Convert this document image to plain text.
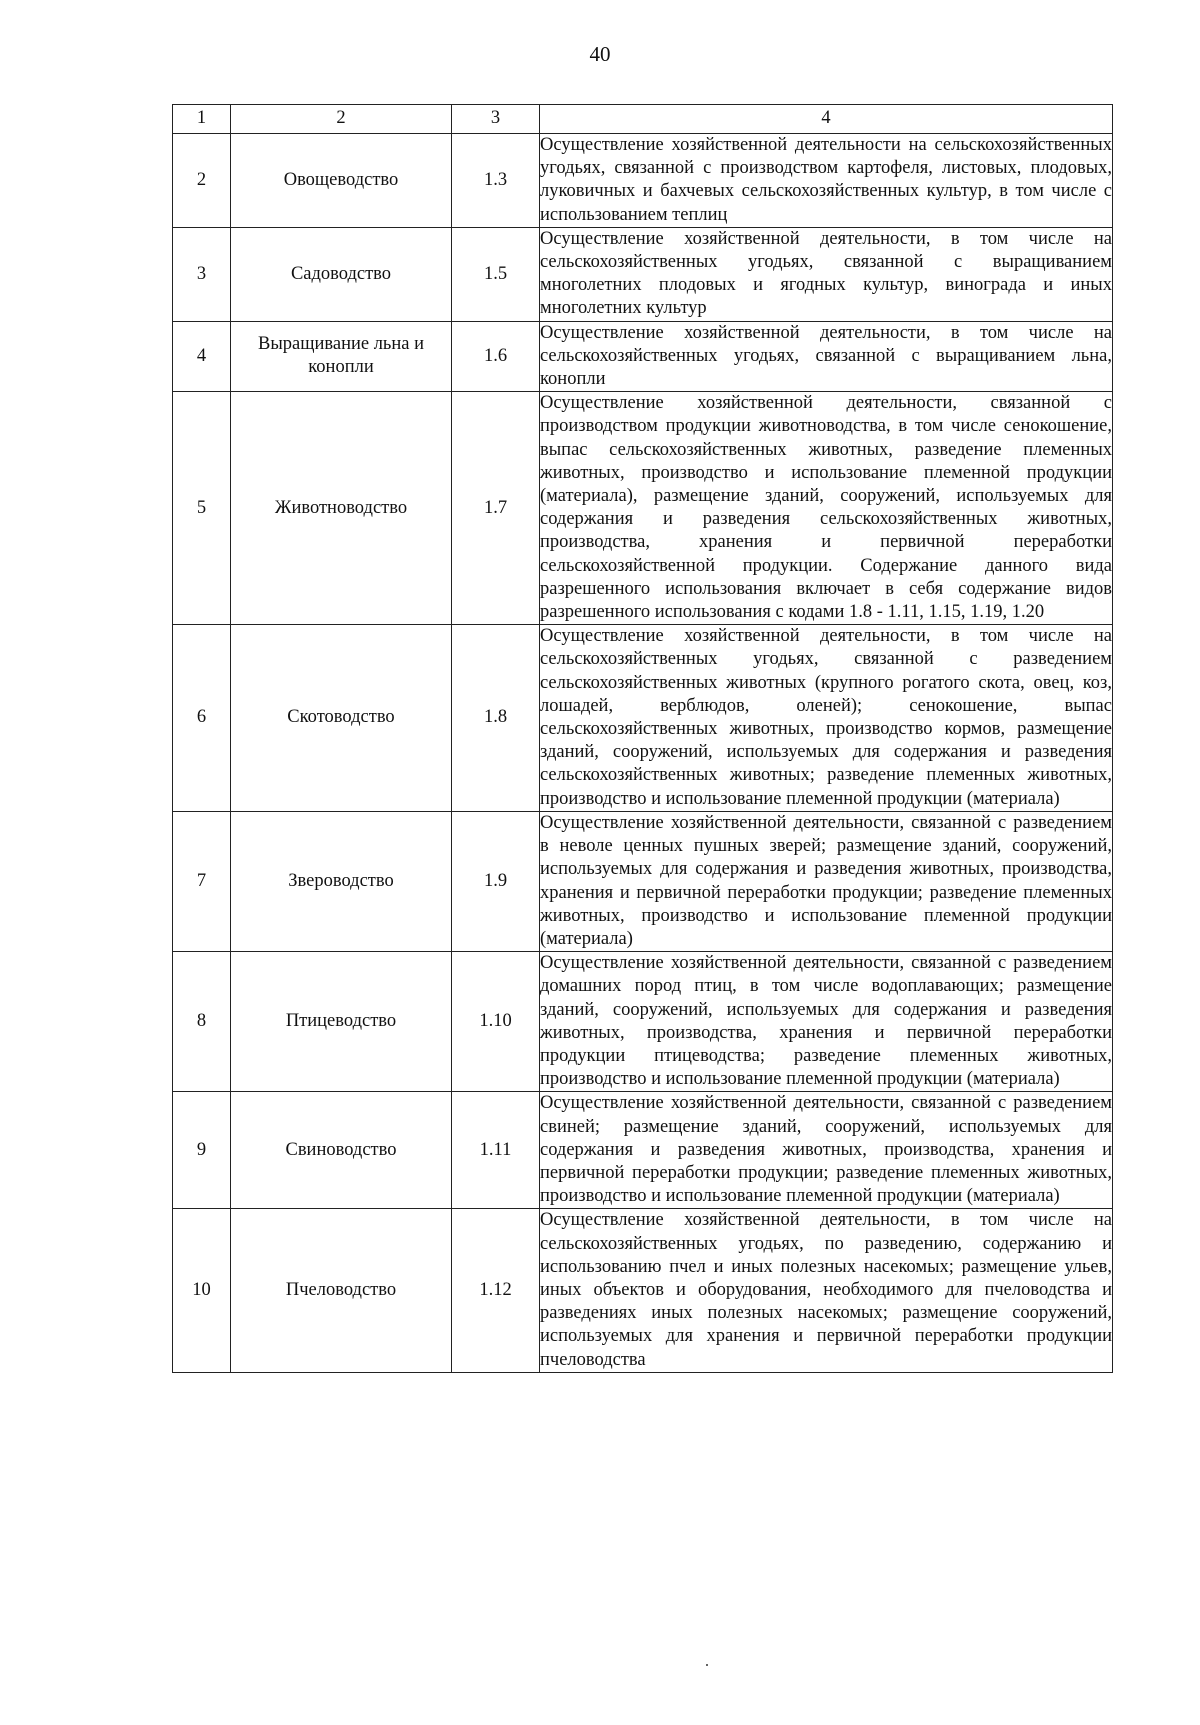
40
1	2	3	4
2	Овощеводство	1.3	Осуществление хозяйственной деятельности на сельскохозяйственных угодьях, связанной с производством картофеля, листовых, плодовых, луковичных и бахчевых сельскохозяйственных культур, в том числе с использованием теплиц
3	Садоводство	1.5	Осуществление хозяйственной деятельности, в том числе на сельскохозяйственных угодьях, связанной с выращиванием многолетних плодовых и ягодных культур, винограда и иных многолетних культур
4	Выращивание льна и конопли	1.6	Осуществление хозяйственной деятельности, в том числе на сельскохозяйственных угодьях, связанной с выращиванием льна, конопли
5	Животноводство	1.7	Осуществление хозяйственной деятельности, связанной с производством продукции животноводства, в том числе сенокошение, выпас сельскохозяйственных животных, разведение племенных животных, производство и использование племенной продукции (материала), размещение зданий, сооружений, используемых для содержания и разведения сельскохозяйственных животных, производства, хранения и первичной переработки сельскохозяйственной продукции. Содержание данного вида разрешенного использования включает в себя содержание видов разрешенного использования с кодами 1.8 - 1.11, 1.15, 1.19, 1.20
6	Скотоводство	1.8	Осуществление хозяйственной деятельности, в том числе на сельскохозяйственных угодьях, связанной с разведением сельскохозяйственных животных (крупного рогатого скота, овец, коз, лошадей, верблюдов, оленей); сенокошение, выпас сельскохозяйственных животных, производство кормов, размещение зданий, сооружений, используемых для содержания и разведения сельскохозяйственных животных; разведение племенных животных, производство и использование племенной продукции (материала)
7	Звероводство	1.9	Осуществление хозяйственной деятельности, связанной с разведением в неволе ценных пушных зверей; размещение зданий, сооружений, используемых для содержания и разведения животных, производства, хранения и первичной переработки продукции; разведение племенных животных, производство и использование племенной продукции (материала)
8	Птицеводство	1.10	Осуществление хозяйственной деятельности, связанной с разведением домашних пород птиц, в том числе водоплавающих; размещение зданий, сооружений, используемых для содержания и разведения животных, производства, хранения и первичной переработки продукции птицеводства; разведение племенных животных, производство и использование племенной продукции (материала)
9	Свиноводство	1.11	Осуществление хозяйственной деятельности, связанной с разведением свиней; размещение зданий, сооружений, используемых для содержания и разведения животных, производства, хранения и первичной переработки продукции; разведение племенных животных, производство и использование племенной продукции (материала)
10	Пчеловодство	1.12	Осуществление хозяйственной деятельности, в том числе на сельскохозяйственных угодьях, по разведению, содержанию и использованию пчел и иных полезных насекомых; размещение ульев, иных объектов и оборудования, необходимого для пчеловодства и разведениях иных полезных насекомых; размещение сооружений, используемых для хранения и первичной переработки продукции пчеловодства
